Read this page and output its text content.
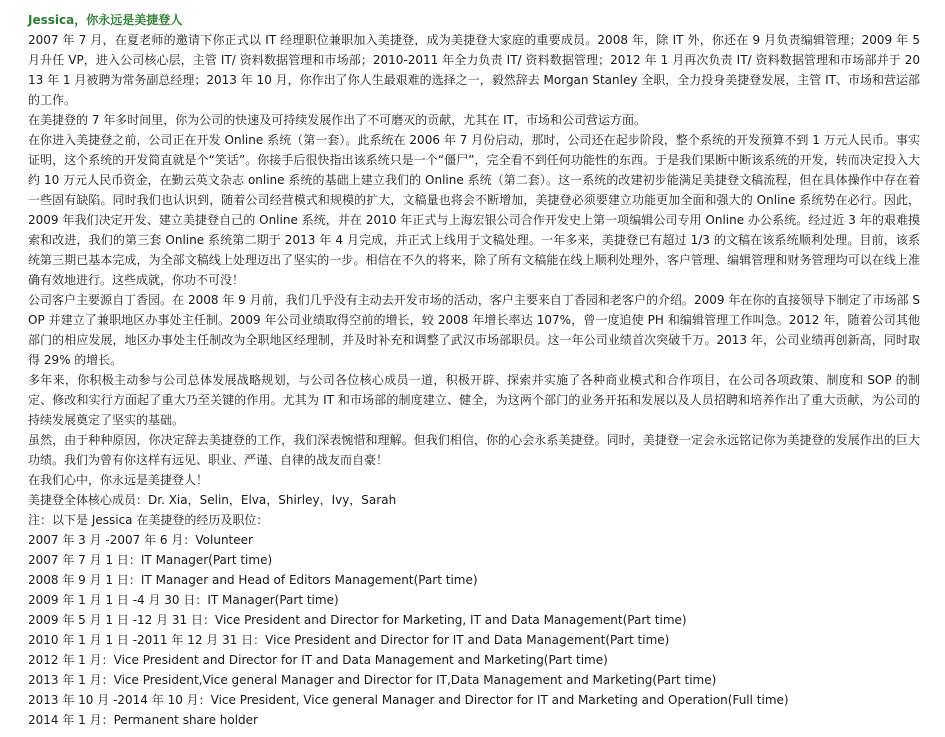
Jessica，你永远是美捷登人

2007 年 7 月，在夏老师的邀请下你正式以 IT 经理职位兼职加入美捷登，成为美捷登大家庭的重要成员。2008 年，除 IT 外，你还在 9 月负责编辑管理；2009 年 5 月升任 VP，进入公司核心层，主管 IT/ 资料数据管理和市场部；2010-2011 年全力负责 IT/ 资料数据管理；2012 年 1 月再次负责 IT/ 资料数据管理和市场部并于 2013 年 1 月被聘为常务副总经理；2013 年 10 月，你作出了你人生最艰难的选择之一，毅然辞去 Morgan Stanley 全职，全力投身美捷登发展，主管 IT、市场和营运部的工作。

在美捷登的 7 年多时间里，你为公司的快速及可持续发展作出了不可磨灭的贡献，尤其在 IT，市场和公司营运方面。

在你进入美捷登之前，公司正在开发 Online 系统（第一套）。此系统在 2006 年 7 月份启动，那时，公司还在起步阶段，整个系统的开发预算不到 1 万元人民币。事实证明，这个系统的开发简直就是个“笑话”。你接手后很快指出该系统只是一个“僵尸”，完全看不到任何功能性的东西。于是我们果断中断该系统的开发，转而决定投入大约 10 万元人民币资金，在勤云英文杂志 online 系统的基础上建立我们的 Online 系统（第二套）。这一系统的改建初步能满足美捷登文稿流程，但在具体操作中存在着一些固有缺陷。同时我们也认识到，随着公司经营模式和规模的扩大，文稿量也将会不断增加，美捷登必须要建立功能更加全面和强大的 Online 系统势在必行。因此，2009 年我们决定开发、建立美捷登自己的 Online 系统，并在 2010 年正式与上海宏银公司合作开发史上第一项编辑公司专用 Online 办公系统。经过近 3 年的艰难摸索和改进，我们的第三套 Online 系统第二期于 2013 年 4 月完成，并正式上线用于文稿处理。一年多来，美捷登已有超过 1/3 的文稿在该系统顺利处理。目前，该系统第三期已基本完成，为全部文稿线上处理迈出了坚实的一步。相信在不久的将来，除了所有文稿能在线上顺利处理外，客户管理、编辑管理和财务管理均可以在线上准确有效地进行。这些成就，你功不可没！

公司客户主要源自丁香园。在 2008 年 9 月前，我们几乎没有主动去开发市场的活动，客户主要来自丁香园和老客户的介绍。2009 年在你的直接领导下制定了市场部 SOP 并建立了兼职地区办事处主任制。2009 年公司业绩取得空前的增长，较 2008 年增长率达 107%，曾一度追使 PH 和编辑管理工作叫急。2012 年，随着公司其他部门的相应发展，地区办事处主任制改为全职地区经理制，并及时补充和调整了武汉市场部职员。这一年公司业绩首次突破千万。2013 年，公司业绩再创新高，同时取得 29% 的增长。

多年来，你积极主动参与公司总体发展战略规划，与公司各位核心成员一道，积极开辟、探索并实施了各种商业模式和合作项目，在公司各项政策、制度和 SOP 的制定、修改和实行方面起了重大乃至关键的作用。尤其为 IT 和市场部的制度建立、健全，为这两个部门的业务开拓和发展以及人员招聘和培养作出了重大贡献，为公司的持续发展奠定了坚实的基础。

虽然，由于种种原因，你决定辞去美捷登的工作，我们深表惋惜和理解。但我们相信，你的心会永系美捷登。同时，美捷登一定会永远铭记你为美捷登的发展作出的巨大功绩。我们为曾有你这样有远见、职业、严谨、自律的战友而自豪！

在我们心中，你永远是美捷登人！
美捷登全体核心成员：Dr. Xia，Selin，Elva，Shirley，Ivy，Sarah
注：以下是 Jessica 在美捷登的经历及职位：
2007 年 3 月 -2007 年 6 月：Volunteer
2007 年 7 月 1 日：IT Manager(Part time)
2008 年 9 月 1 日：IT Manager and Head of Editors Management(Part time)
2009 年 1 月 1 日 -4 月 30 日：IT Manager(Part time)
2009 年 5 月 1 日 -12 月 31 日：Vice President and Director for Marketing, IT and Data Management(Part time)
2010 年 1 月 1 日 -2011 年 12 月 31 日：Vice President and Director for IT and Data Management(Part time)
2012 年 1 月：Vice President and Director for IT and Data Management and Marketing(Part time)
2013 年 1 月：Vice President,Vice general Manager and Director for IT,Data Management and Marketing(Part time)
2013 年 10 月 -2014 年 10 月：Vice President, Vice general Manager and Director for IT and Marketing and Operation(Full time)
2014 年 1 月：Permanent share holder
